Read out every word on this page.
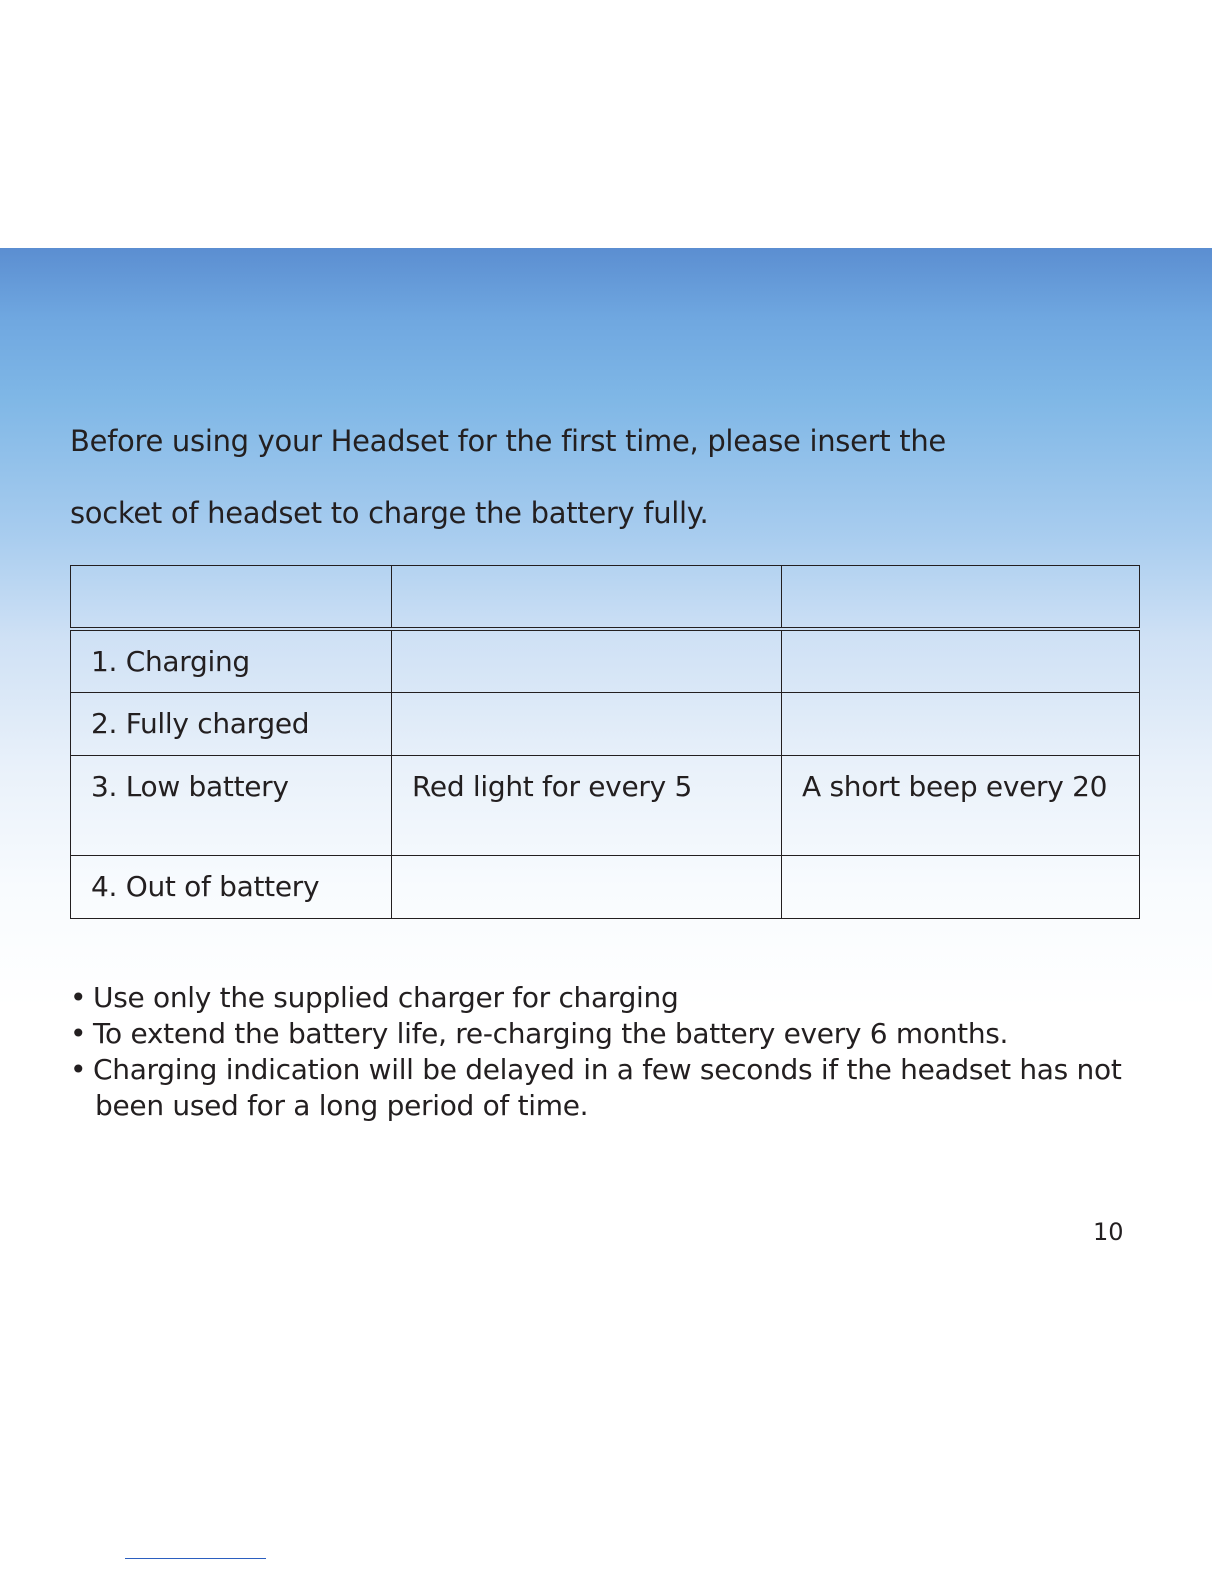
Before using your Headset for the first time, please insert the
socket of headset to charge the battery fully.

1. Charging		
2. Fully charged		
3. Low battery	Red light for every 5	A short beep every 20
4. Out of battery		
• Use only the supplied charger for charging
• To extend the battery life, re-charging the battery every 6 months.
• Charging indication will be delayed in a few seconds if the headset has not
been used for a long period of time.
10
